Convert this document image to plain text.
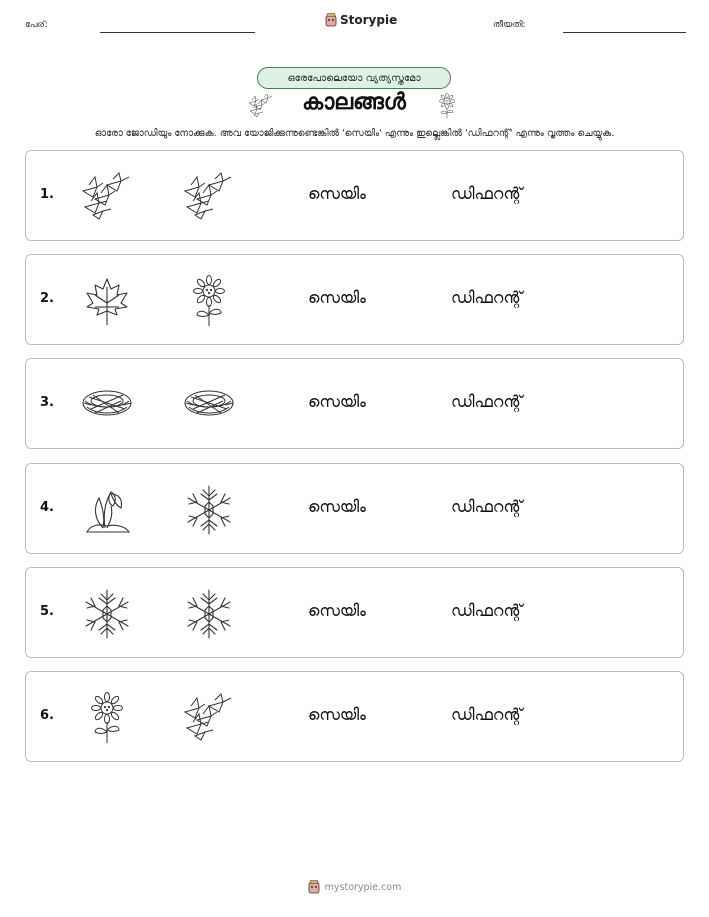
പേര്:	Storypie	തീയതി:
ഒരേപോലെയോ വ്യത്യസ്തമോ
കാലങ്ങൾ
ഓരോ ജോഡിയും നോക്കുക. അവ യോജിക്കുന്നുണ്ടെങ്കിൽ 'സെയിം' എന്നും ഇല്ലെങ്കിൽ 'ഡിഫറന്റ്' എന്നും വൃത്തം ചെയ്യുക.
1.	സെയിം	ഡിഫറന്റ്
2.	സെയിം	ഡിഫറന്റ്
3.	സെയിം	ഡിഫറന്റ്
4.	സെയിം	ഡിഫറന്റ്
5.	സെയിം	ഡിഫറന്റ്
6.	സെയിം	ഡിഫറന്റ്
mystorypie.com
